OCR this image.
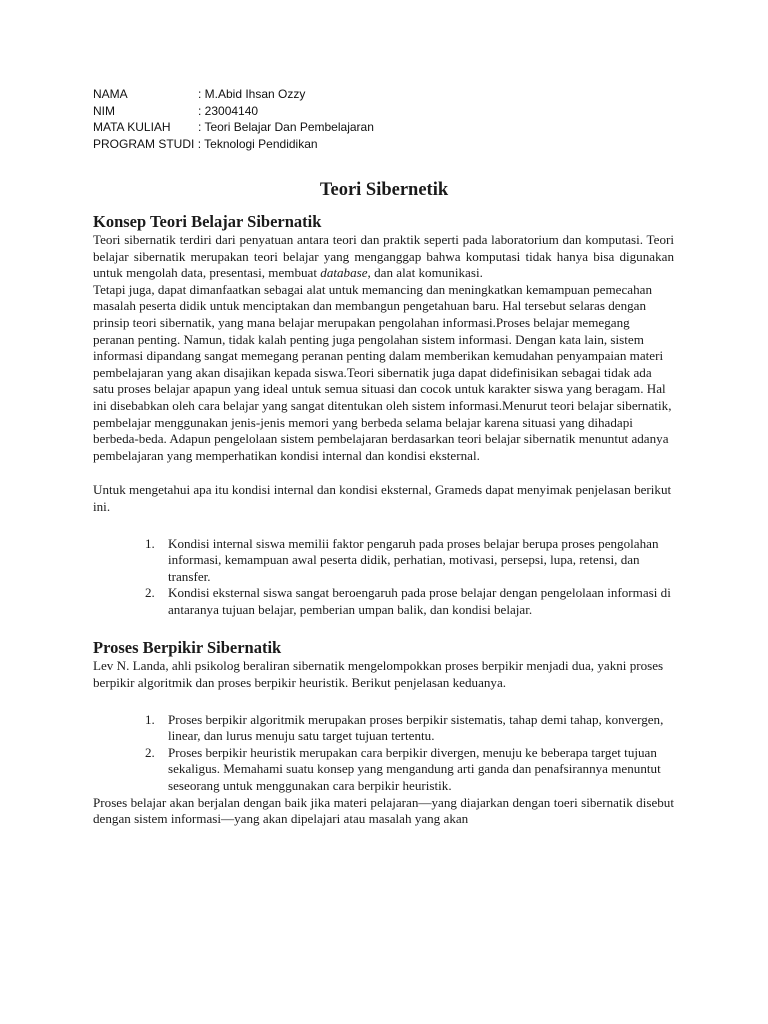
NAMA	: M.Abid Ihsan Ozzy
NIM	: 23004140
MATA KULIAH : Teori Belajar Dan Pembelajaran
PROGRAM STUDI : Teknologi Pendidikan
Teori Sibernetik
Konsep Teori Belajar Sibernatik

Teori sibernatik terdiri dari penyatuan antara teori dan praktik seperti pada laboratorium dan komputasi. Teori belajar sibernatik merupakan teori belajar yang menganggap bahwa komputasi tidak hanya bisa digunakan untuk mengolah data, presentasi, membuat database, dan alat komunikasi.

Tetapi juga, dapat dimanfaatkan sebagai alat untuk memancing dan meningkatkan kemampuan pemecahan masalah peserta didik untuk menciptakan dan membangun pengetahuan baru. Hal tersebut selaras dengan prinsip teori sibernatik, yang mana belajar merupakan pengolahan informasi.Proses belajar memegang peranan penting. Namun, tidak kalah penting juga pengolahan sistem informasi. Dengan kata lain, sistem informasi dipandang sangat memegang peranan penting dalam memberikan kemudahan penyampaian materi pembelajaran yang akan disajikan kepada siswa.Teori sibernatik juga dapat didefinisikan sebagai tidak ada satu proses belajar apapun yang ideal untuk semua situasi dan cocok untuk karakter siswa yang beragam. Hal ini disebabkan oleh cara belajar yang sangat ditentukan oleh sistem informasi.Menurut teori belajar sibernatik, pembelajar menggunakan jenis-jenis memori yang berbeda selama belajar karena situasi yang dihadapi berbeda-beda. Adapun pengelolaan sistem pembelajaran berdasarkan teori belajar sibernatik menuntut adanya pembelajaran yang memperhatikan kondisi internal dan kondisi eksternal.

Untuk mengetahui apa itu kondisi internal dan kondisi eksternal, Grameds dapat menyimak penjelasan berikut ini.

1. Kondisi internal siswa memilii faktor pengaruh pada proses belajar berupa proses pengolahan informasi, kemampuan awal peserta didik, perhatian, motivasi, persepsi, lupa, retensi, dan transfer.
2. Kondisi eksternal siswa sangat beroengaruh pada prose belajar dengan pengelolaan informasi di antaranya tujuan belajar, pemberian umpan balik, dan kondisi belajar.
Proses Berpikir Sibernatik

Lev N. Landa, ahli psikolog beraliran sibernatik mengelompokkan proses berpikir menjadi dua, yakni proses berpikir algoritmik dan proses berpikir heuristik. Berikut penjelasan keduanya.

1. Proses berpikir algoritmik merupakan proses berpikir sistematis, tahap demi tahap, konvergen, linear, dan lurus menuju satu target tujuan tertentu.
2. Proses berpikir heuristik merupakan cara berpikir divergen, menuju ke beberapa target tujuan sekaligus. Memahami suatu konsep yang mengandung arti ganda dan penafsirannya menuntut seseorang untuk menggunakan cara berpikir heuristik.

Proses belajar akan berjalan dengan baik jika materi pelajaran—yang diajarkan dengan toeri sibernatik disebut dengan sistem informasi—yang akan dipelajari atau masalah yang akan
